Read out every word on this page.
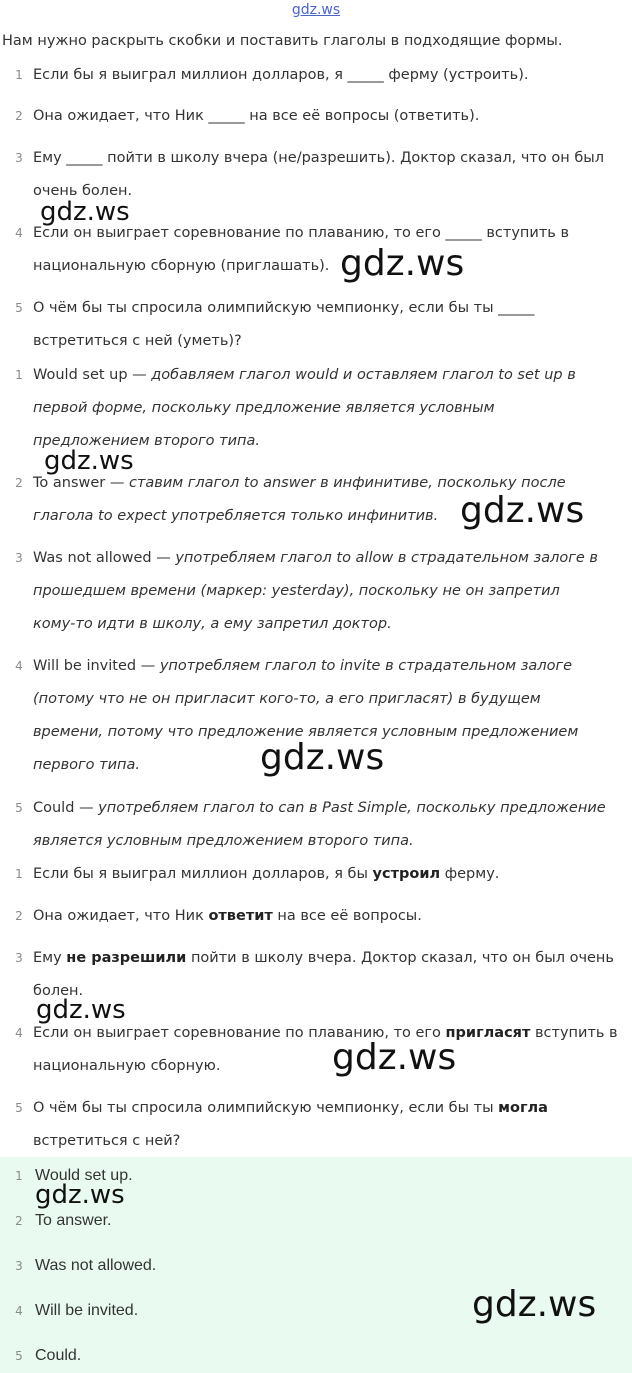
gdz.ws
Нам нужно раскрыть скобки и поставить глаголы в подходящие формы.
1 Если бы я выиграл миллион долларов, я _____ ферму (устроить).
2 Она ожидает, что Ник _____ на все её вопросы (ответить).
3 Ему _____ пойти в школу вчера (не/разрешить). Доктор сказал, что он был
очень болен.
4 Если он выиграет соревнование по плаванию, то его _____ вступить в
национальную сборную (приглашать).
5 О чём бы ты спросила олимпийскую чемпионку, если бы ты _____
встретиться с ней (уметь)?
1 Would set up — добавляем глагол would и оставляем глагол to set up в
первой форме, поскольку предложение является условным
предложением второго типа.
2 To answer — ставим глагол to answer в инфинитиве, поскольку после
глагола to expect употребляется только инфинитив.
3 Was not allowed — употребляем глагол to allow в страдательном залоге в
прошедшем времени (маркер: yesterday), поскольку не он запретил
кому-то идти в школу, а ему запретил доктор.
4 Will be invited — употребляем глагол to invite в страдательном залоге
(потому что не он пригласит кого-то, а его пригласят) в будущем
времени, потому что предложение является условным предложением
первого типа.
5 Could — употребляем глагол to can в Past Simple, поскольку предложение
является условным предложением второго типа.
1 Если бы я выиграл миллион долларов, я бы устроил ферму.
2 Она ожидает, что Ник ответит на все её вопросы.
3 Ему не разрешили пойти в школу вчера. Доктор сказал, что он был очень
болен.
4 Если он выиграет соревнование по плаванию, то его пригласят вступить в
национальную сборную.
5 О чём бы ты спросила олимпийскую чемпионку, если бы ты могла
встретиться с ней?
1 Would set up.
2 To answer.
3 Was not allowed.
4 Will be invited.
5 Could.
gdz.ws
gdz.ws
gdz.ws
gdz.ws
gdz.ws
gdz.ws
gdz.ws
gdz.ws
gdz.ws
